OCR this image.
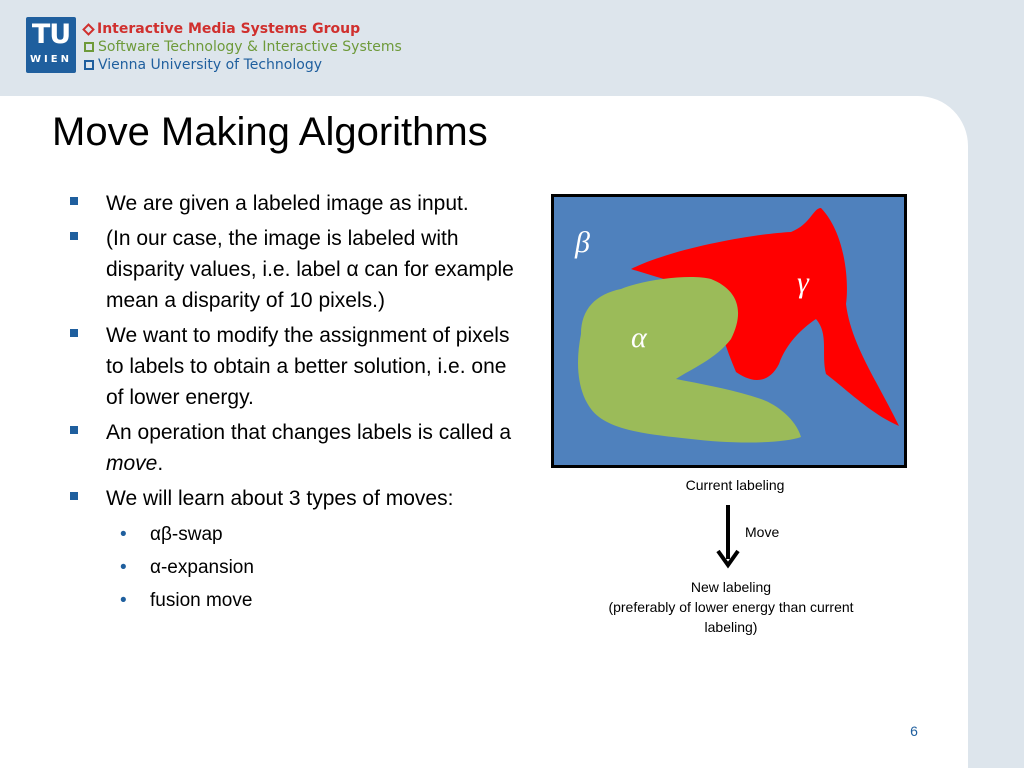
TU
WIEN
Interactive Media Systems Group
Software Technology & Interactive Systems
Vienna University of Technology
Move Making Algorithms
We are given a labeled image as input.
(In our case, the image is labeled with disparity values, i.e. label α can for example mean a disparity of 10 pixels.)
We want to modify the assignment of pixels to labels to obtain a better solution, i.e. one of lower energy.
An operation that changes labels is called a move.
We will learn about 3 types of moves:
• αβ-swap
• α-expansion
• fusion move
β
γ
α
Current labeling
Move
New labeling
(preferably of lower energy than current
labeling)
6
